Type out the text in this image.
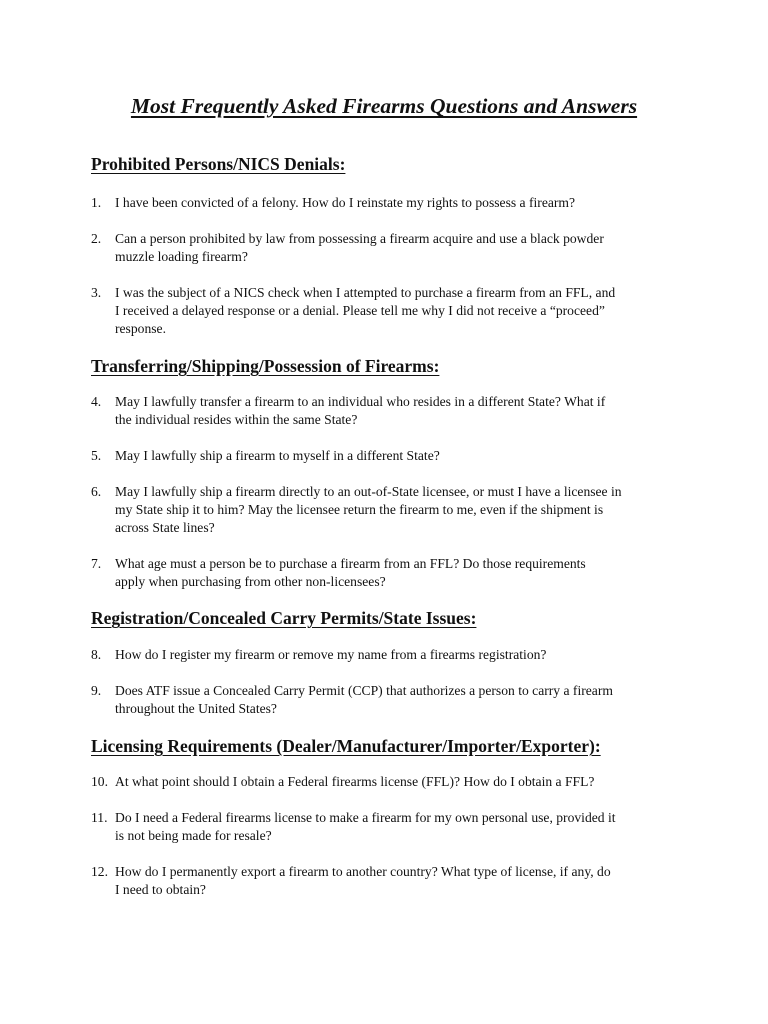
Most Frequently Asked Firearms Questions and Answers
Prohibited Persons/NICS Denials:
1. I have been convicted of a felony. How do I reinstate my rights to possess a firearm?
2. Can a person prohibited by law from possessing a firearm acquire and use a black powder
muzzle loading firearm?
3. I was the subject of a NICS check when I attempted to purchase a firearm from an FFL, and
I received a delayed response or a denial. Please tell me why I did not receive a “proceed”
response.
Transferring/Shipping/Possession of Firearms:
4. May I lawfully transfer a firearm to an individual who resides in a different State? What if
the individual resides within the same State?
5. May I lawfully ship a firearm to myself in a different State?
6. May I lawfully ship a firearm directly to an out-of-State licensee, or must I have a licensee in
my State ship it to him? May the licensee return the firearm to me, even if the shipment is
across State lines?
7. What age must a person be to purchase a firearm from an FFL? Do those requirements
apply when purchasing from other non-licensees?
Registration/Concealed Carry Permits/State Issues:
8. How do I register my firearm or remove my name from a firearms registration?
9. Does ATF issue a Concealed Carry Permit (CCP) that authorizes a person to carry a firearm
throughout the United States?
Licensing Requirements (Dealer/Manufacturer/Importer/Exporter):
10. At what point should I obtain a Federal firearms license (FFL)? How do I obtain a FFL?
11. Do I need a Federal firearms license to make a firearm for my own personal use, provided it
is not being made for resale?
12. How do I permanently export a firearm to another country? What type of license, if any, do
I need to obtain?
